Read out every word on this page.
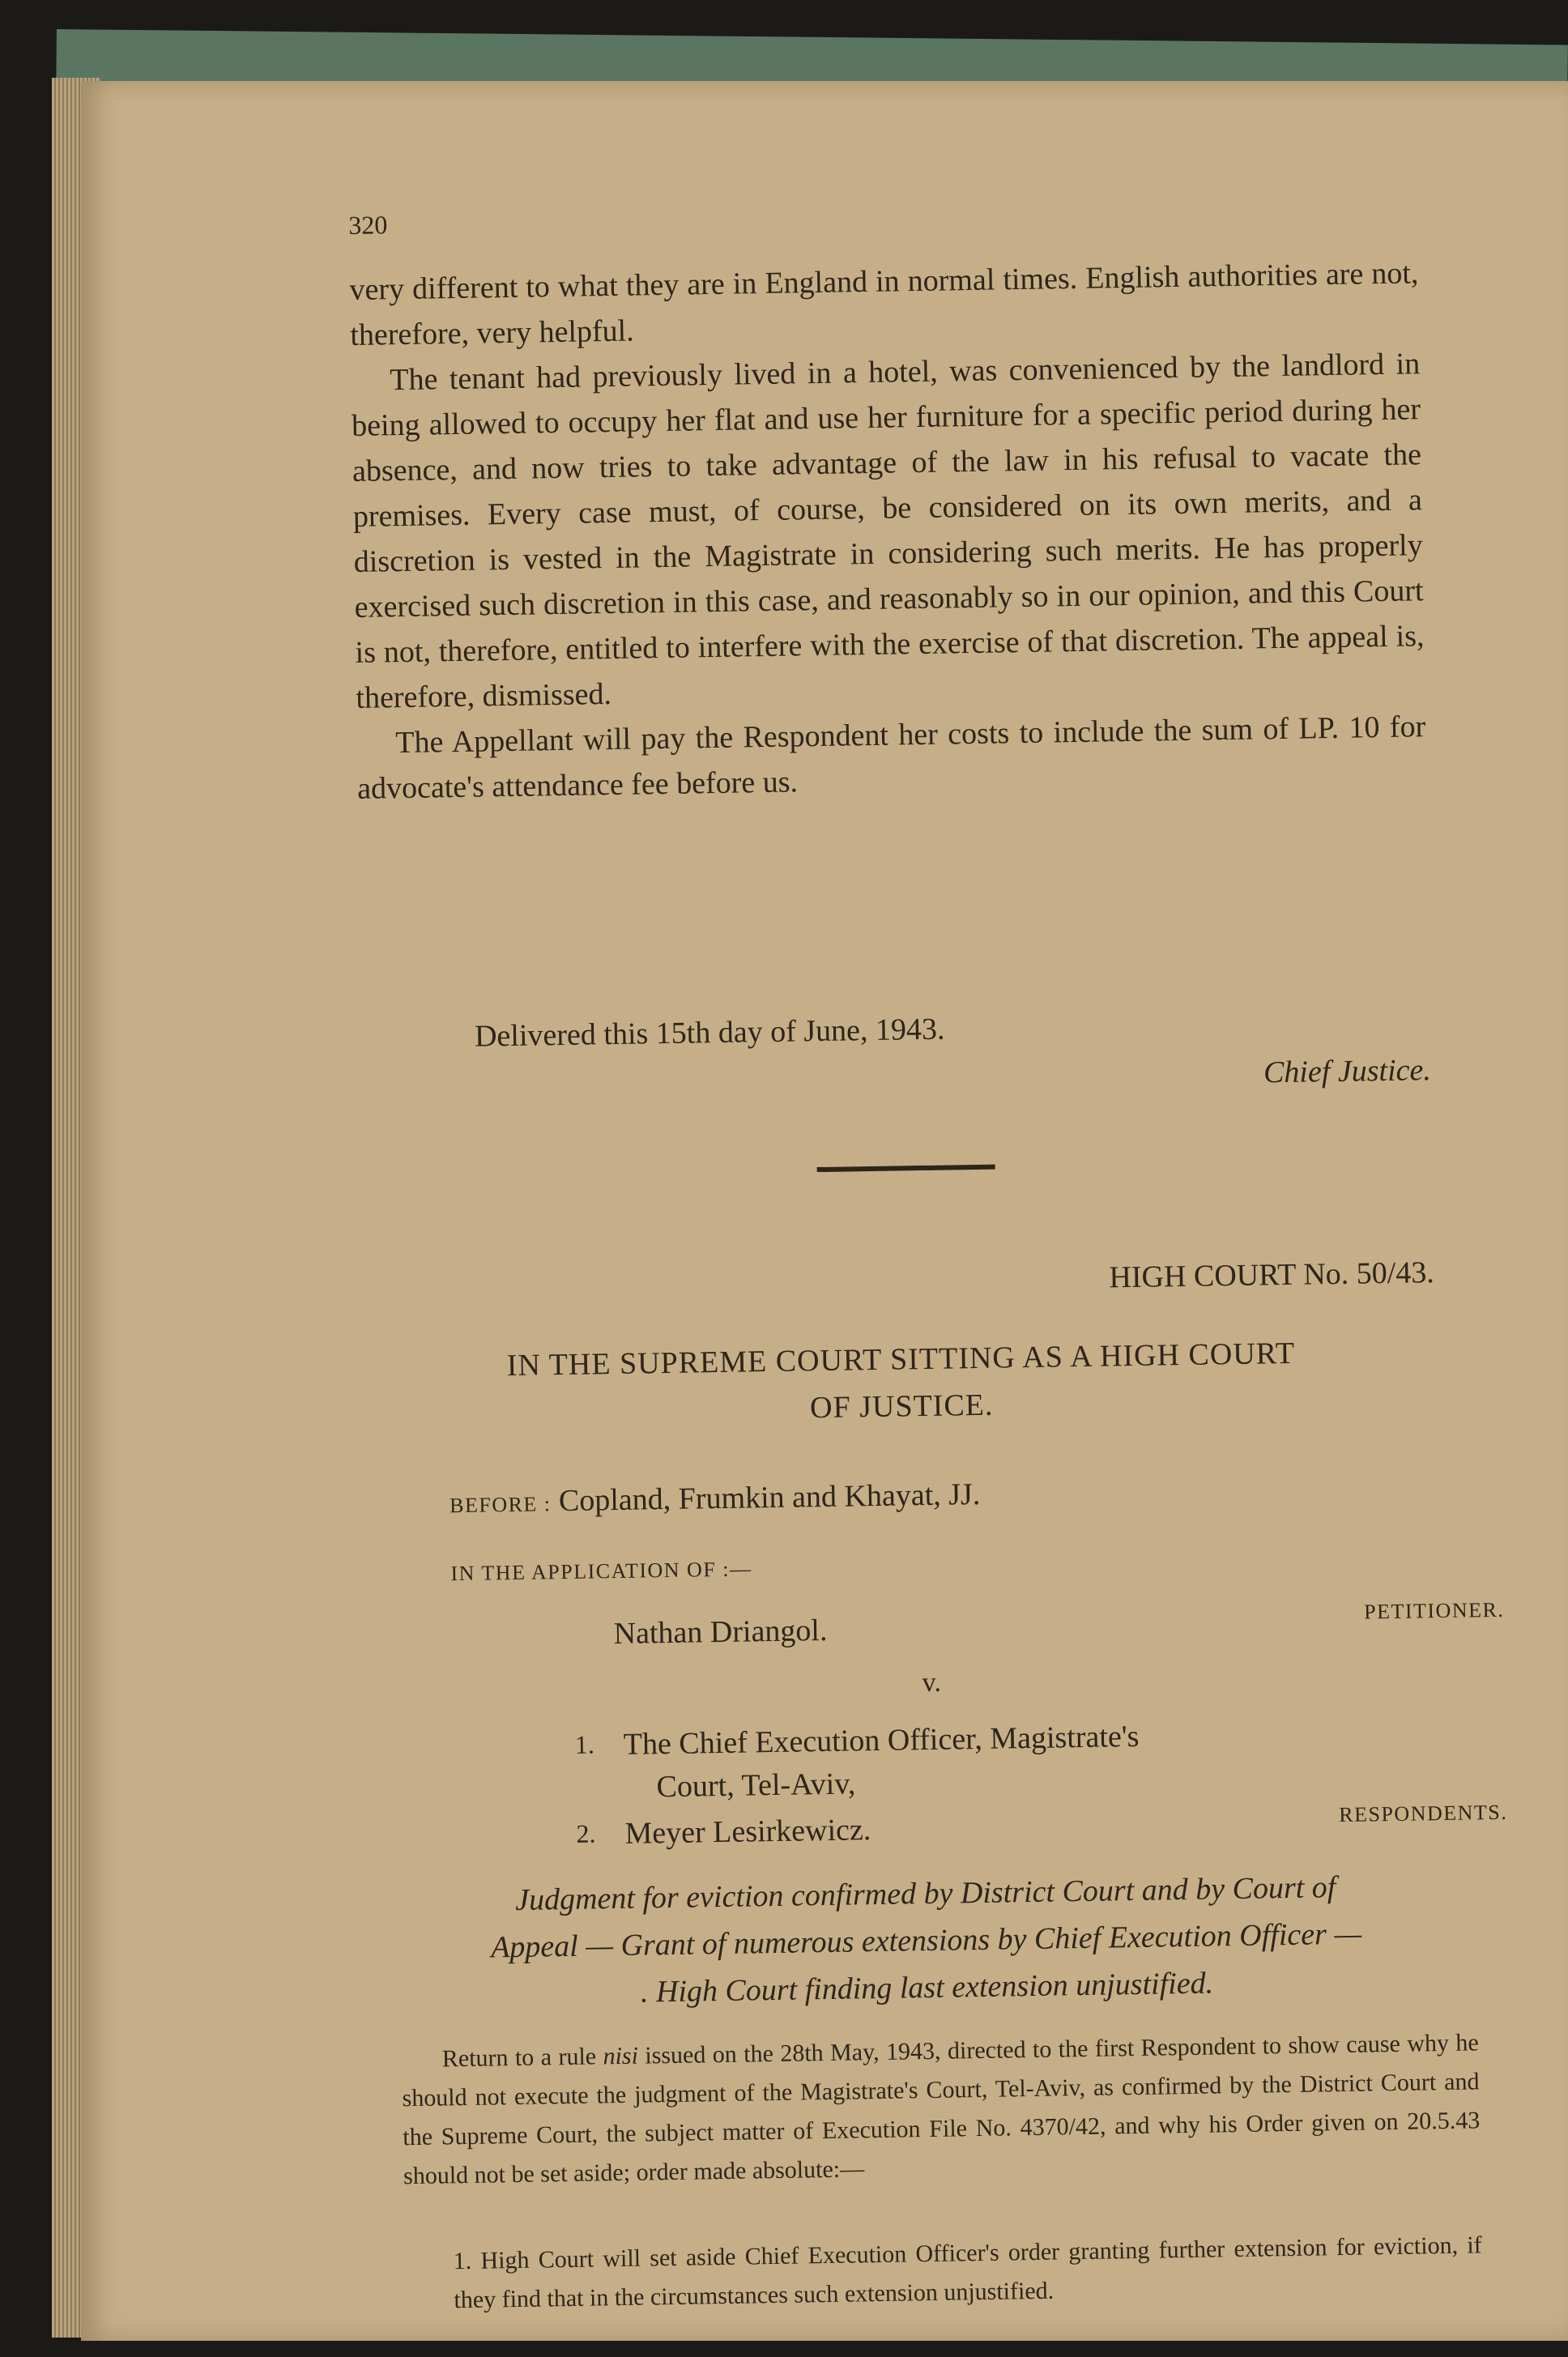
320

very different to what they are in England in normal times. English authorities are not, therefore, very helpful.

The tenant had previously lived in a hotel, was convenienced by the landlord in being allowed to occupy her flat and use her furniture for a specific period during her absence, and now tries to take advantage of the law in his refusal to vacate the premises. Every case must, of course, be considered on its own merits, and a discretion is vested in the Magistrate in considering such merits. He has properly exercised such discretion in this case, and reasonably so in our opinion, and this Court is not, therefore, entitled to interfere with the exercise of that discretion. The appeal is, therefore, dismissed.

The Appellant will pay the Respondent her costs to include the sum of LP. 10 for advocate's attendance fee before us.

Delivered this 15th day of June, 1943.
Chief Justice.
HIGH COURT No. 50/43.
IN THE SUPREME COURT SITTING AS A HIGH COURT
OF JUSTICE.
BEFORE : Copland, Frumkin and Khayat, JJ.
IN THE APPLICATION OF :—
Nathan Driangol.
PETITIONER.
v.
1. The Chief Execution Officer, Magistrate's
Court, Tel-Aviv,
2. Meyer Lesirkewicz.	RESPONDENTS.
Judgment for eviction confirmed by District Court and by Court of
Appeal — Grant of numerous extensions by Chief Execution Officer —
. High Court finding last extension unjustified.
Return to a rule nisi issued on the 28th May, 1943, directed to the first Respondent to show cause why he should not execute the judgment of the Magistrate's Court, Tel-Aviv, as confirmed by the District Court and the Supreme Court, the subject matter of Execution File No. 4370/42, and why his Order given on 20.5.43 should not be set aside; order made absolute:—
1. High Court will set aside Chief Execution Officer's order granting further extension for eviction, if they find that in the circumstances such extension unjustified.
